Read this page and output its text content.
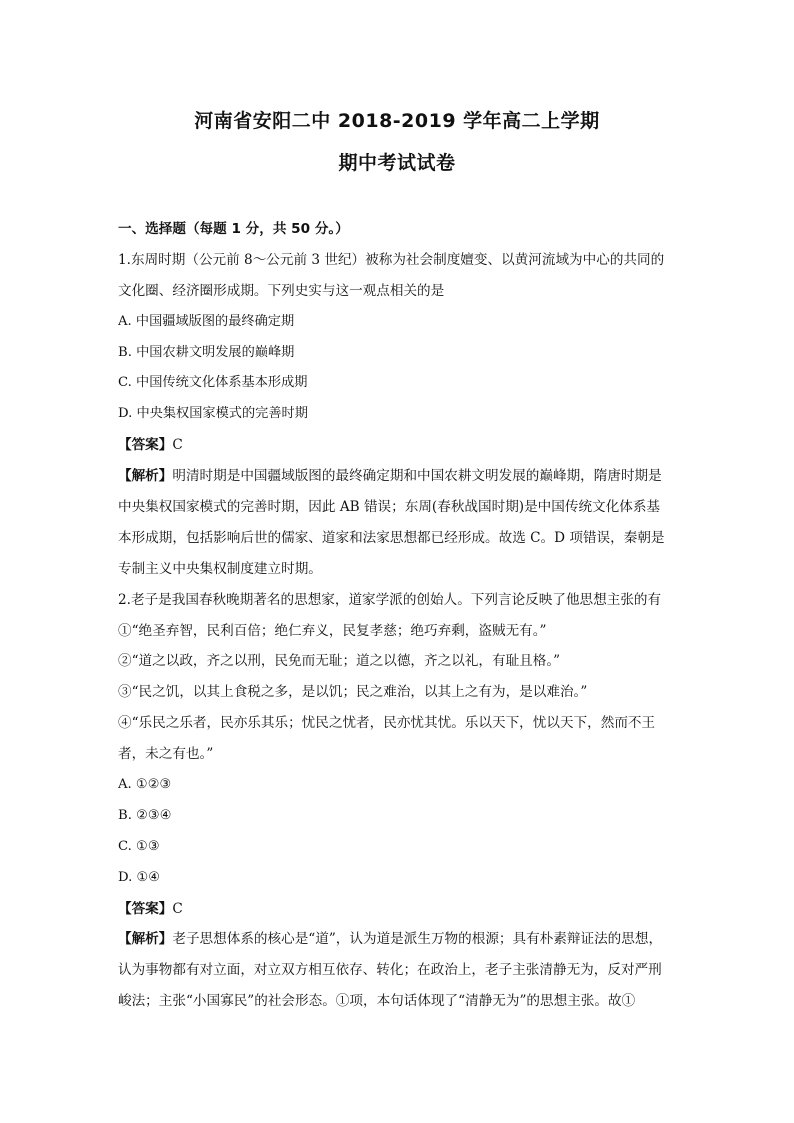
河南省安阳二中 2018-2019 学年高二上学期
期中考试试卷
一、选择题（每题 1 分，共 50 分。）
1.东周时期（公元前 8～公元前 3 世纪）被称为社会制度嬗变、以黄河流域为中心的共同的
文化圈、经济圈形成期。下列史实与这一观点相关的是
A. 中国疆域版图的最终确定期
B. 中国农耕文明发展的巅峰期
C. 中国传统文化体系基本形成期
D. 中央集权国家模式的完善时期
【答案】C
【解析】明清时期是中国疆域版图的最终确定期和中国农耕文明发展的巅峰期，隋唐时期是
中央集权国家模式的完善时期，因此 AB 错误；东周(春秋战国时期)是中国传统文化体系基
本形成期，包括影响后世的儒家、道家和法家思想都已经形成。故选 C。D 项错误，秦朝是
专制主义中央集权制度建立时期。
2.老子是我国春秋晚期著名的思想家，道家学派的创始人。下列言论反映了他思想主张的有
①“绝圣弃智，民利百倍；绝仁弃义，民复孝慈；绝巧弃剩，盗贼无有。”
②“道之以政，齐之以刑，民免而无耻；道之以德，齐之以礼，有耻且格。”
③“民之饥，以其上食税之多，是以饥；民之难治，以其上之有为，是以难治。”
④“乐民之乐者，民亦乐其乐；忧民之忧者，民亦忧其忧。乐以天下，忧以天下，然而不王
者，未之有也。”
A. ①②③
B. ②③④
C. ①③
D. ①④
【答案】C
【解析】老子思想体系的核心是“道”，认为道是派生万物的根源；具有朴素辩证法的思想，
认为事物都有对立面，对立双方相互依存、转化；在政治上，老子主张清静无为，反对严刑
峻法；主张“小国寡民”的社会形态。①项，本句话体现了“清静无为”的思想主张。故①
